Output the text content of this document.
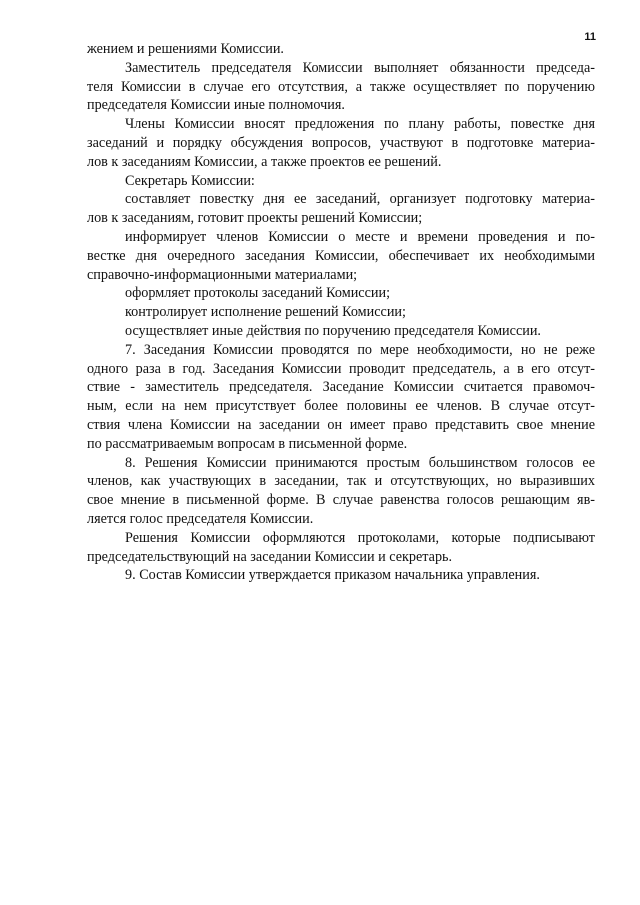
11
жением и решениями Комиссии.
Заместитель председателя Комиссии выполняет обязанности председа-
теля Комиссии в случае его отсутствия, а также осуществляет по поручению
председателя Комиссии иные полномочия.
Члены Комиссии вносят предложения по плану работы, повестке дня
заседаний и порядку обсуждения вопросов, участвуют в подготовке материа-
лов к заседаниям Комиссии, а также проектов ее решений.
Секретарь Комиссии:
составляет повестку дня ее заседаний, организует подготовку материа-
лов к заседаниям, готовит проекты решений Комиссии;
информирует членов Комиссии о месте и времени проведения и по-
вестке дня очередного заседания Комиссии, обеспечивает их необходимыми
справочно-информационными материалами;
оформляет протоколы заседаний Комиссии;
контролирует исполнение решений Комиссии;
осуществляет иные действия по поручению председателя Комиссии.
7. Заседания Комиссии проводятся по мере необходимости, но не реже
одного раза в год. Заседания Комиссии проводит председатель, а в его отсут-
ствие - заместитель председателя. Заседание Комиссии считается правомоч-
ным, если на нем присутствует более половины ее членов. В случае отсут-
ствия члена Комиссии на заседании он имеет право представить свое мнение
по рассматриваемым вопросам в письменной форме.
8. Решения Комиссии принимаются простым большинством голосов ее
членов, как участвующих в заседании, так и отсутствующих, но выразивших
свое мнение в письменной форме. В случае равенства голосов решающим яв-
ляется голос председателя Комиссии.
Решения Комиссии оформляются протоколами, которые подписывают
председательствующий на заседании Комиссии и секретарь.
9. Состав Комиссии утверждается приказом начальника управления.
